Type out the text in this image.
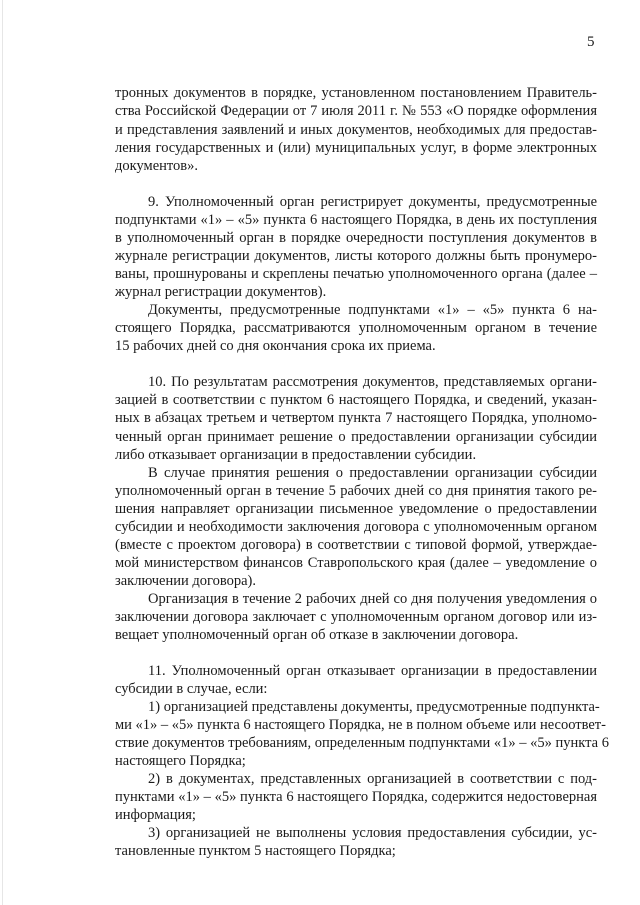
5
тронных документов в порядке, установленном постановлением Правитель-
ства Российской Федерации от 7 июля 2011 г. № 553 «О порядке оформления
и представления заявлений и иных документов, необходимых для предостав-
ления государственных и (или) муниципальных услуг, в форме электронных
документов».
9. Уполномоченный орган регистрирует документы, предусмотренные
подпунктами «1» – «5» пункта 6 настоящего Порядка, в день их поступления
в уполномоченный орган в порядке очередности поступления документов в
журнале регистрации документов, листы которого должны быть пронумеро-
ваны, прошнурованы и скреплены печатью уполномоченного органа (далее –
журнал регистрации документов).
Документы, предусмотренные подпунктами «1» – «5» пункта 6 на-
стоящего Порядка, рассматриваются уполномоченным органом в течение
15 рабочих дней со дня окончания срока их приема.
10. По результатам рассмотрения документов, представляемых органи-
зацией в соответствии с пунктом 6 настоящего Порядка, и сведений, указан-
ных в абзацах третьем и четвертом пункта 7 настоящего Порядка, уполномо-
ченный орган принимает решение о предоставлении организации субсидии
либо отказывает организации в предоставлении субсидии.
В случае принятия решения о предоставлении организации субсидии
уполномоченный орган в течение 5 рабочих дней со дня принятия такого ре-
шения направляет организации письменное уведомление о предоставлении
субсидии и необходимости заключения договора с уполномоченным органом
(вместе с проектом договора) в соответствии с типовой формой, утверждае-
мой министерством финансов Ставропольского края (далее – уведомление о
заключении договора).
Организация в течение 2 рабочих дней со дня получения уведомления о
заключении договора заключает с уполномоченным органом договор или из-
вещает уполномоченный орган об отказе в заключении договора.
11. Уполномоченный орган отказывает организации в предоставлении
субсидии в случае, если:
1) организацией представлены документы, предусмотренные подпункта-
ми «1» – «5» пункта 6 настоящего Порядка, не в полном объеме или несоответ-
ствие документов требованиям, определенным подпунктами «1» – «5» пункта 6
настоящего Порядка;
2) в документах, представленных организацией в соответствии с под-
пунктами «1» – «5» пункта 6 настоящего Порядка, содержится недостоверная
информация;
3) организацией не выполнены условия предоставления субсидии, ус-
тановленные пунктом 5 настоящего Порядка;
